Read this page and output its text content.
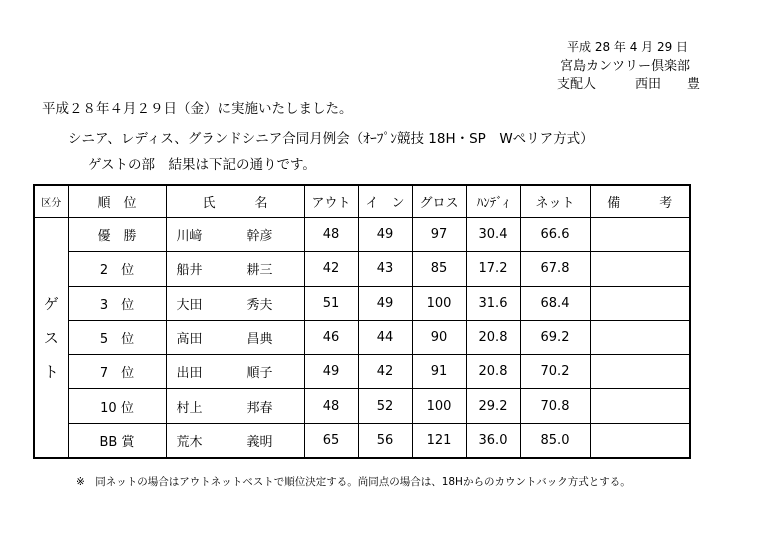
平成 28 年 4 月 29 日
宮島カンツリー倶楽部
支配人	西田　　豊
平成２８年４月２９日（金）に実施いたしました。
シニア、レディス、グランドシニア合同月例会（ｵｰﾌﾟﾝ競技 18H・SP　Wペリア方式）
ゲストの部　結果は下記の通りです。
区分	順　位	氏　　　名	アウト	イ　ン	グロス	ﾊﾝﾃﾞｨ	ネット	備　　　考

ゲ
ス
ト	優　勝	川﨑 幹彦	48	49	97	30.4	66.6	
	2　位	船井 耕三	42	43	85	17.2	67.8	
	3　位	大田 秀夫	51	49	100	31.6	68.4	
	5　位	高田 昌典	46	44	90	20.8	69.2	
	7　位	出田 順子	49	42	91	20.8	70.2	
	10 位	村上 邦春	48	52	100	29.2	70.8	
	BB 賞	荒木 義明	65	56	121	36.0	85.0	
※　同ネットの場合はアウトネットベストで順位決定する。尚同点の場合は、18Hからのカウントバック方式とする。
